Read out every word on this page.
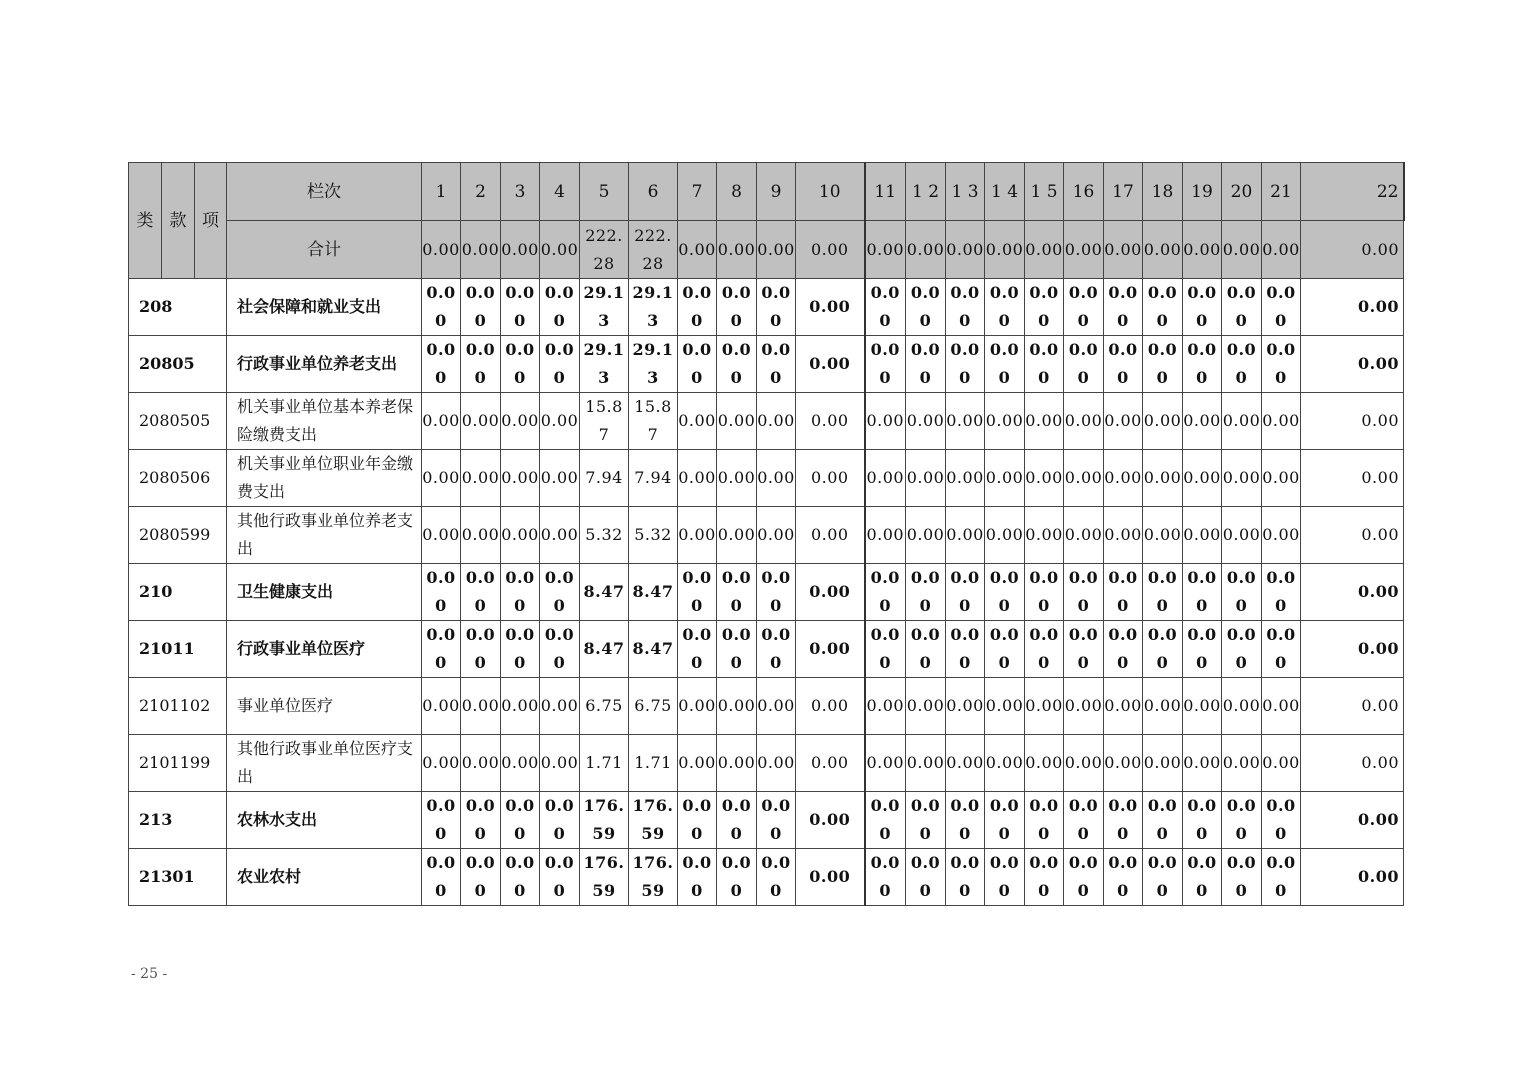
类	款	项	栏次	1	2	3	4	5	6	7	8	9	10	11	1 2	1 3	1 4	1 5	16	17	18	19	20	21	22
			合计	0.00	0.00	0.00	0.00	222.28	222.28	0.00	0.00	0.00	0.00	0.00	0.00	0.00	0.00	0.00	0.00	0.00	0.00	0.00	0.00	0.00	0.00
208			社会保障和就业支出	0.00	0.00	0.00	0.00	29.13	29.13	0.00	0.00	0.00	0.00	0.00	0.00	0.00	0.00	0.00	0.00	0.00	0.00	0.00	0.00	0.00	0.00
20805			行政事业单位养老支出	0.00	0.00	0.00	0.00	29.13	29.13	0.00	0.00	0.00	0.00	0.00	0.00	0.00	0.00	0.00	0.00	0.00	0.00	0.00	0.00	0.00	0.00
2080505			机关事业单位基本养老保险缴费支出	0.00	0.00	0.00	0.00	15.87	15.87	0.00	0.00	0.00	0.00	0.00	0.00	0.00	0.00	0.00	0.00	0.00	0.00	0.00	0.00	0.00	0.00
2080506			机关事业单位职业年金缴费支出	0.00	0.00	0.00	0.00	7.94	7.94	0.00	0.00	0.00	0.00	0.00	0.00	0.00	0.00	0.00	0.00	0.00	0.00	0.00	0.00	0.00	0.00
2080599			其他行政事业单位养老支出	0.00	0.00	0.00	0.00	5.32	5.32	0.00	0.00	0.00	0.00	0.00	0.00	0.00	0.00	0.00	0.00	0.00	0.00	0.00	0.00	0.00	0.00
210			卫生健康支出	0.00	0.00	0.00	0.00	8.47	8.47	0.00	0.00	0.00	0.00	0.00	0.00	0.00	0.00	0.00	0.00	0.00	0.00	0.00	0.00	0.00	0.00
21011			行政事业单位医疗	0.00	0.00	0.00	0.00	8.47	8.47	0.00	0.00	0.00	0.00	0.00	0.00	0.00	0.00	0.00	0.00	0.00	0.00	0.00	0.00	0.00	0.00
2101102			事业单位医疗	0.00	0.00	0.00	0.00	6.75	6.75	0.00	0.00	0.00	0.00	0.00	0.00	0.00	0.00	0.00	0.00	0.00	0.00	0.00	0.00	0.00	0.00
2101199			其他行政事业单位医疗支出	0.00	0.00	0.00	0.00	1.71	1.71	0.00	0.00	0.00	0.00	0.00	0.00	0.00	0.00	0.00	0.00	0.00	0.00	0.00	0.00	0.00	0.00
213			农林水支出	0.00	0.00	0.00	0.00	176.59	176.59	0.00	0.00	0.00	0.00	0.00	0.00	0.00	0.00	0.00	0.00	0.00	0.00	0.00	0.00	0.00	0.00
21301			农业农村	0.00	0.00	0.00	0.00	176.59	176.59	0.00	0.00	0.00	0.00	0.00	0.00	0.00	0.00	0.00	0.00	0.00	0.00	0.00	0.00	0.00	0.00
- 25 -
